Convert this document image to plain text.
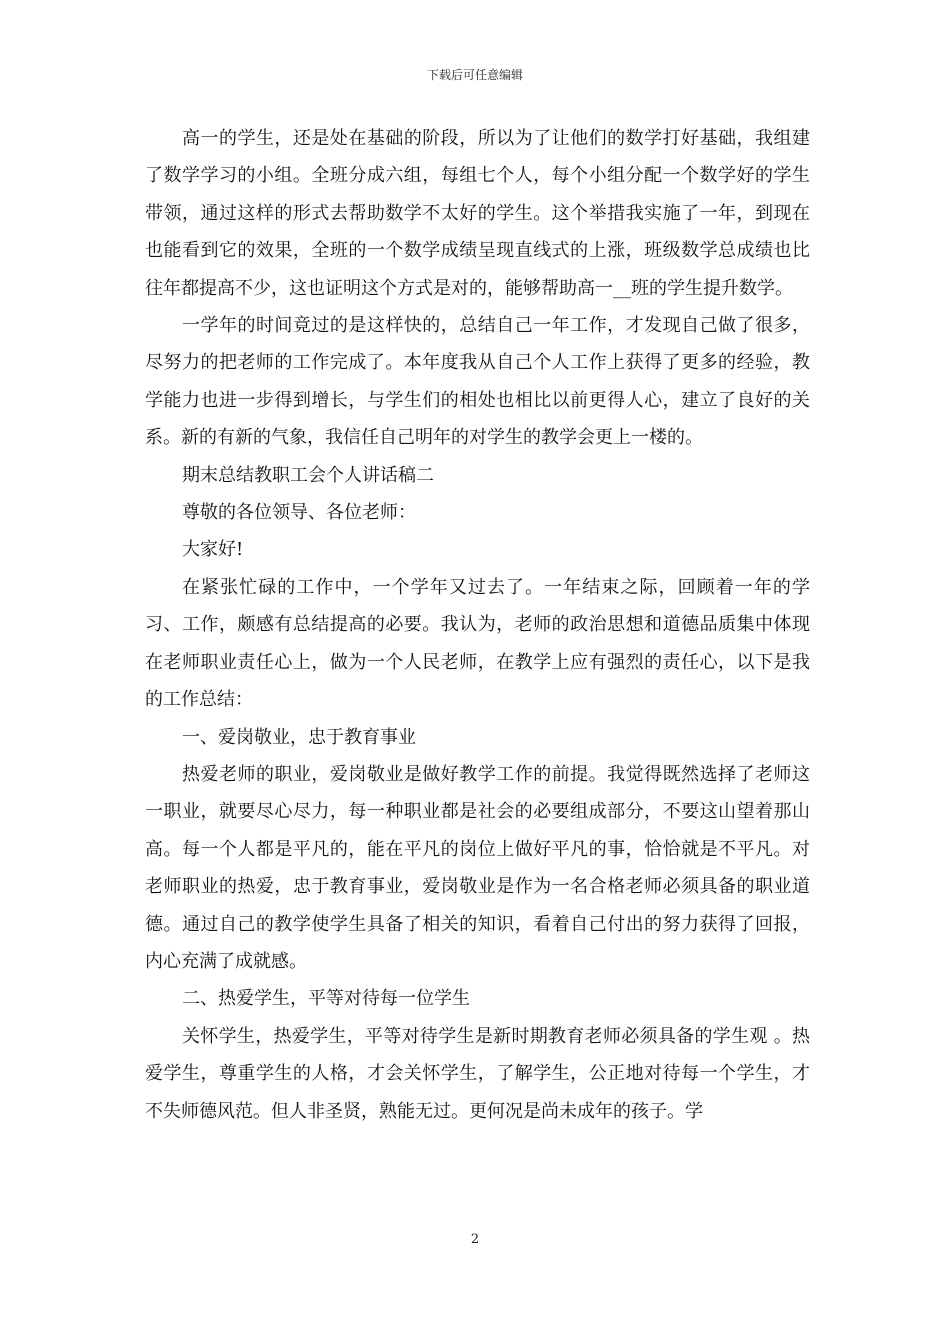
下载后可任意编辑

高一的学生，还是处在基础的阶段，所以为了让他们的数学打好基础，我组建了数学学习的小组。全班分成六组，每组七个人，每个小组分配一个数学好的学生带领，通过这样的形式去帮助数学不太好的学生。这个举措我实施了一年，到现在也能看到它的效果，全班的一个数学成绩呈现直线式的上涨，班级数学总成绩也比往年都提高不少，这也证明这个方式是对的，能够帮助高一__班的学生提升数学。

一学年的时间竟过的是这样快的，总结自己一年工作，才发现自己做了很多，尽努力的把老师的工作完成了。本年度我从自己个人工作上获得了更多的经验，教学能力也进一步得到增长，与学生们的相处也相比以前更得人心，建立了良好的关系。新的有新的气象，我信任自己明年的对学生的教学会更上一楼的。

期末总结教职工会个人讲话稿二

尊敬的各位领导、各位老师：

大家好!

在紧张忙碌的工作中，一个学年又过去了。一年结束之际，回顾着一年的学习、工作，颇感有总结提高的必要。我认为，老师的政治思想和道德品质集中体现在老师职业责任心上，做为一个人民老师，在教学上应有强烈的责任心，以下是我的工作总结：

一、爱岗敬业，忠于教育事业

热爱老师的职业，爱岗敬业是做好教学工作的前提。我觉得既然选择了老师这一职业，就要尽心尽力，每一种职业都是社会的必要组成部分，不要这山望着那山高。每一个人都是平凡的，能在平凡的岗位上做好平凡的事，恰恰就是不平凡。对老师职业的热爱，忠于教育事业，爱岗敬业是作为一名合格老师必须具备的职业道德。通过自己的教学使学生具备了相关的知识，看着自己付出的努力获得了回报，内心充满了成就感。

二、热爱学生，平等对待每一位学生

关怀学生，热爱学生，平等对待学生是新时期教育老师必须具备的学生观 。热爱学生，尊重学生的人格，才会关怀学生，了解学生，公正地对待每一个学生，才不失师德风范。但人非圣贤，熟能无过。更何况是尚未成年的孩子。学

2
